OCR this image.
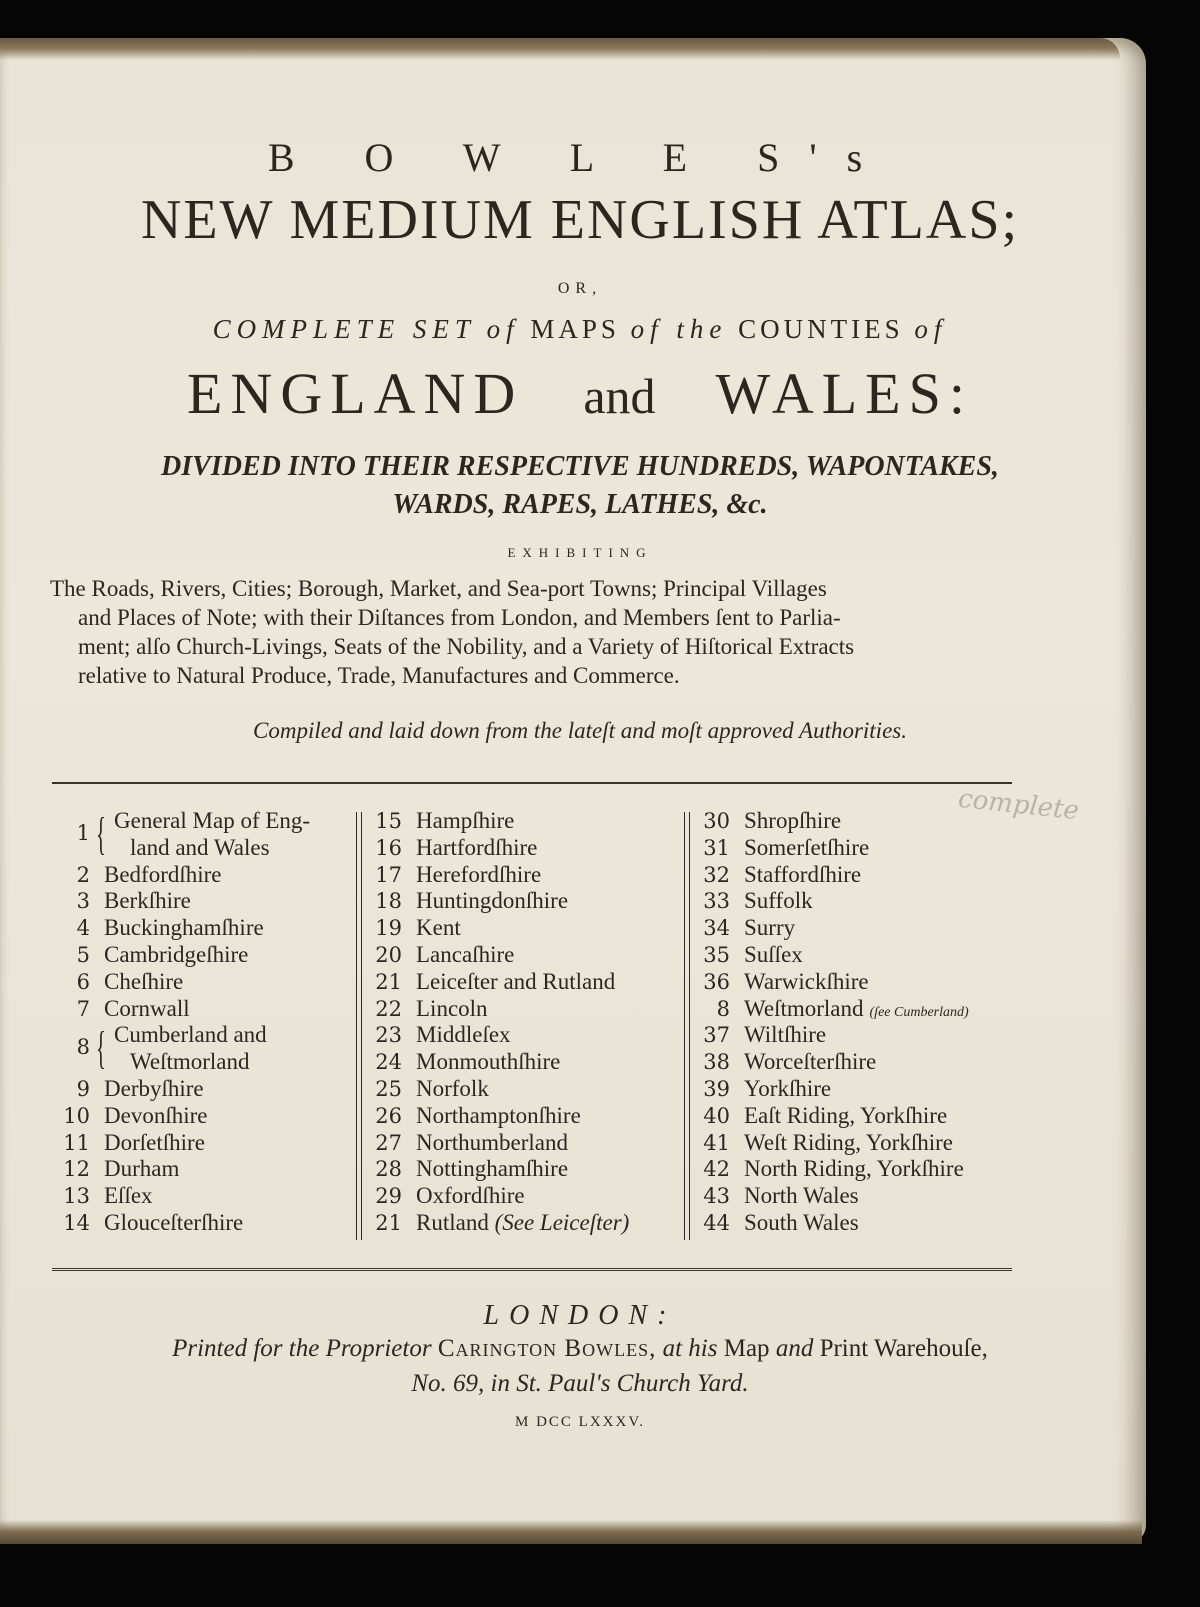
B O W L E S's
NEW MEDIUM ENGLISH ATLAS;
OR,
COMPLETE SET of MAPS of the COUNTIES of
ENGLAND and WALES:
DIVIDED INTO THEIR RESPECTIVE HUNDREDS, WAPONTAKES,
WARDS, RAPES, LATHES, &c.
EXHIBITING
The Roads, Rivers, Cities; Borough, Market, and Sea-port Towns; Principal Villages
and Places of Note; with their Diſtances from London, and Members ſent to Parlia-
ment; alſo Church-Livings, Seats of the Nobility, and a Variety of Hiſtorical Extracts
relative to Natural Produce, Trade, Manufactures and Commerce.
Compiled and laid down from the lateſt and moſt approved Authorities.
complete
1 { General Map of Eng-
land and Wales
2 Bedfordſhire
3 Berkſhire
4 Buckinghamſhire
5 Cambridgeſhire
6 Cheſhire
7 Cornwall
8 { Cumberland and
Weſtmorland
9 Derbyſhire
10 Devonſhire
11 Dorſetſhire
12 Durham
13 Eſſex
14 Glouceſterſhire
15 Hampſhire
16 Hartfordſhire
17 Herefordſhire
18 Huntingdonſhire
19 Kent
20 Lancaſhire
21 Leiceſter and Rutland
22 Lincoln
23 Middleſex
24 Monmouthſhire
25 Norfolk
26 Northamptonſhire
27 Northumberland
28 Nottinghamſhire
29 Oxfordſhire
21 Rutland (See Leiceſter)
30 Shropſhire
31 Somerſetſhire
32 Staffordſhire
33 Suffolk
34 Surry
35 Suſſex
36 Warwickſhire
8 Weſtmorland (ſee Cumberland)
37 Wiltſhire
38 Worceſterſhire
39 Yorkſhire
40 Eaſt Riding, Yorkſhire
41 Weſt Riding, Yorkſhire
42 North Riding, Yorkſhire
43 North Wales
44 South Wales
LONDON:
Printed for the Proprietor Carington Bowles, at his Map and Print Warehouſe,
No. 69, in St. Paul's Church Yard.
M DCC LXXXV.
